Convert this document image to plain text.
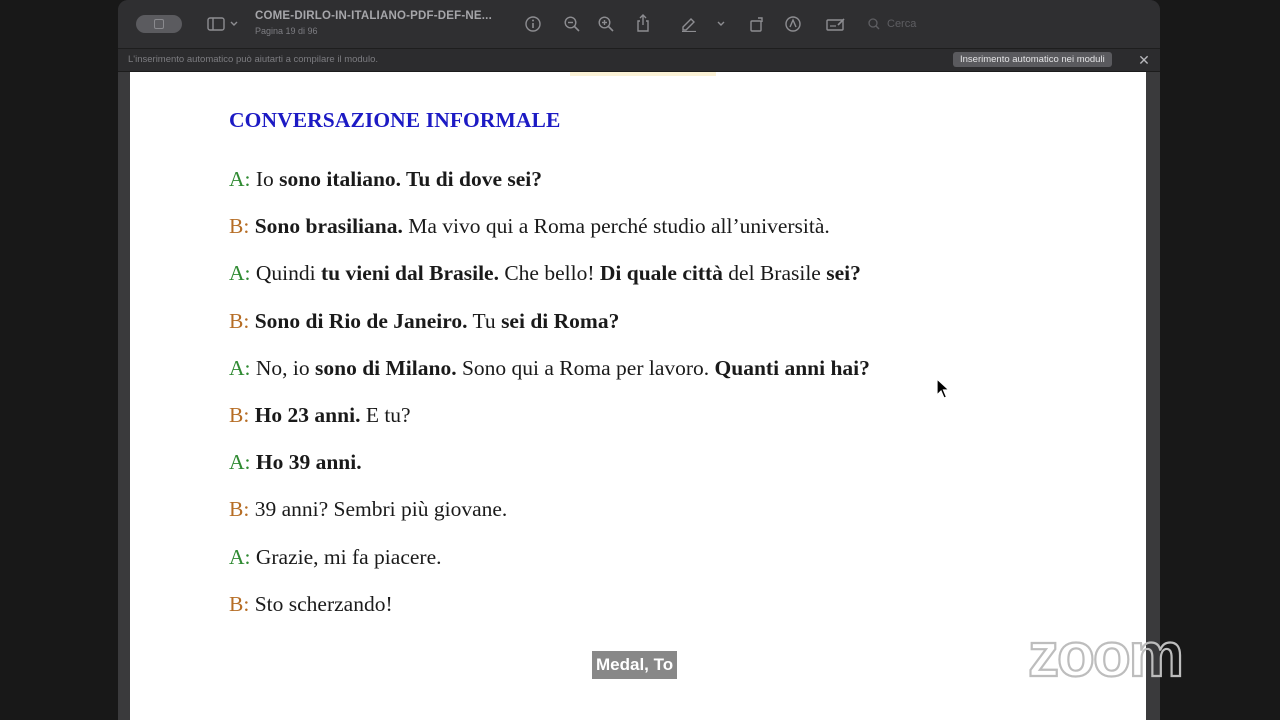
COME-DIRLO-IN-ITALIANO-PDF-DEF-NE...
Pagina 19 di 96
Cerca
L'inserimento automatico può aiutarti a compilare il modulo.	Inserimento automatico nei moduli	✕
CONVERSAZIONE INFORMALE
A: Io sono italiano. Tu di dove sei?
B: Sono brasiliana. Ma vivo qui a Roma perché studio all’università.
A: Quindi tu vieni dal Brasile. Che bello! Di quale città del Brasile sei?
B: Sono di Rio de Janeiro. Tu sei di Roma?
A: No, io sono di Milano. Sono qui a Roma per lavoro. Quanti anni hai?
B: Ho 23 anni. E tu?
A: Ho 39 anni.
B: 39 anni? Sembri più giovane.
A: Grazie, mi fa piacere.
B: Sto scherzando!
zoom
Medal, To
